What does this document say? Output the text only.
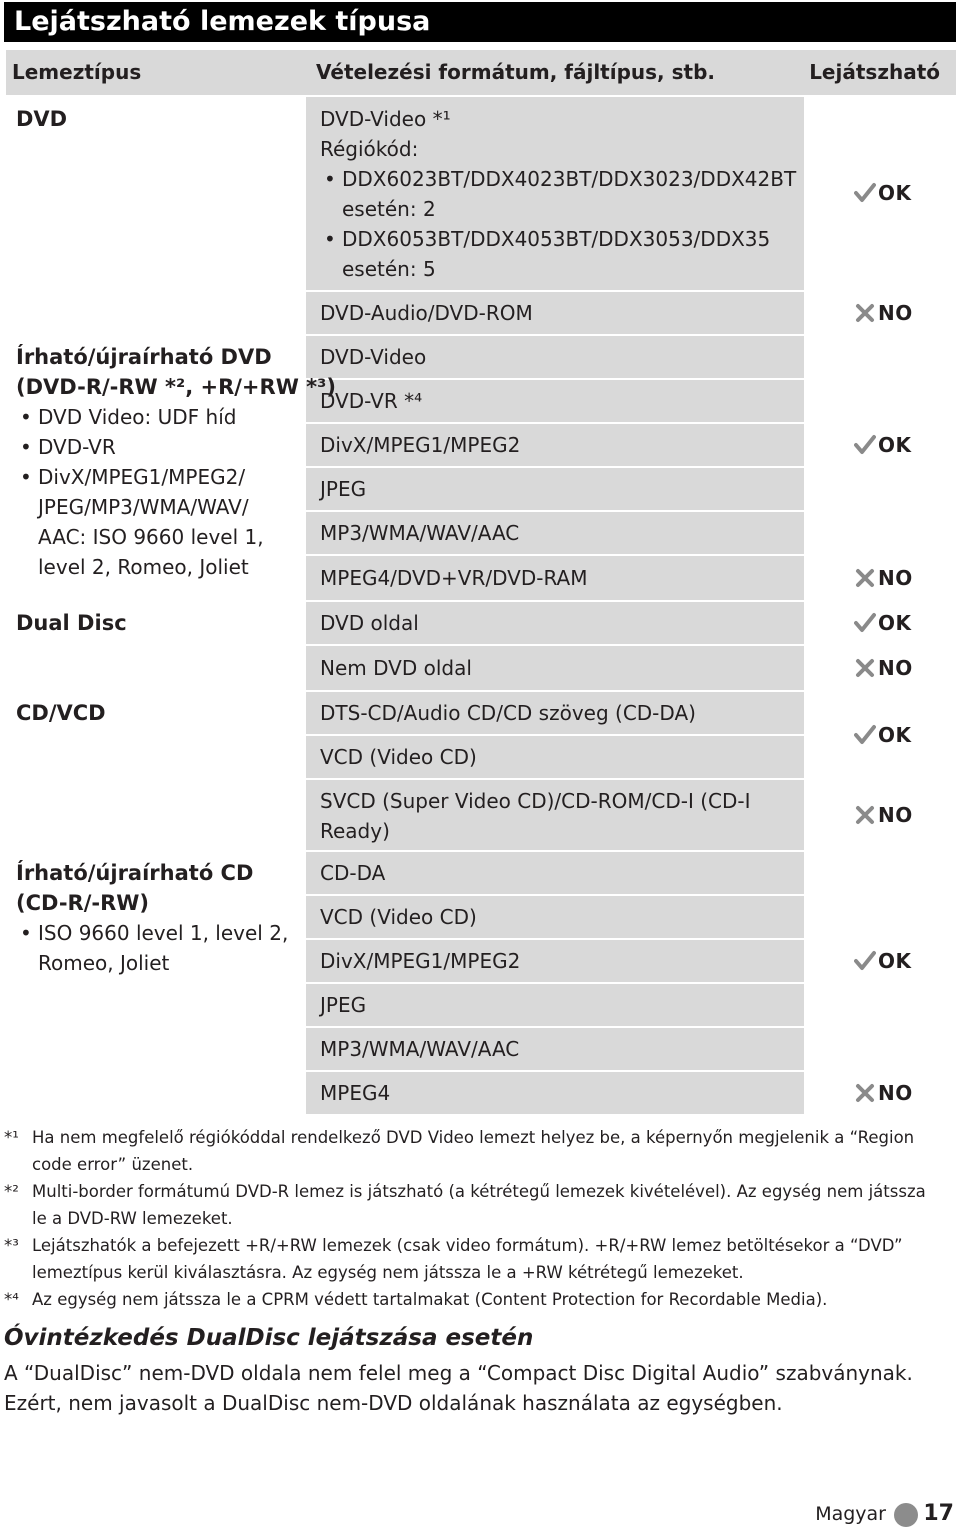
Lejátszható lemezek típusa
Lemeztípus	Vételezési formátum, fájltípus, stb.	Lejátszható
DVD
Írható/újraírható DVD
(DVD-R/-RW *², +R/+RW *³)
• DVD Video: UDF híd
• DVD-VR
• DivX/MPEG1/MPEG2/
JPEG/MP3/WMA/WAV/
AAC: ISO 9660 level 1,
level 2, Romeo, Joliet
Dual Disc
CD/VCD
Írható/újraírható CD
(CD-R/-RW)
• ISO 9660 level 1, level 2,
Romeo, Joliet
DVD-Video *¹
Régiókód:
• DDX6023BT/DDX4023BT/DDX3023/DDX42BT
esetén: 2
• DDX6053BT/DDX4053BT/DDX3053/DDX35
esetén: 5
DVD-Audio/DVD-ROM
DVD-Video
DVD-VR *⁴
DivX/MPEG1/MPEG2
JPEG
MP3/WMA/WAV/AAC
MPEG4/DVD+VR/DVD-RAM
DVD oldal
Nem DVD oldal
DTS-CD/Audio CD/CD szöveg (CD-DA)
VCD (Video CD)
SVCD (Super Video CD)/CD-ROM/CD-I (CD-I
Ready)
CD-DA
VCD (Video CD)
DivX/MPEG1/MPEG2
JPEG
MP3/WMA/WAV/AAC
MPEG4
OK
NO
OK
NO
OK
NO
OK
NO
OK
NO
*¹ Ha nem megfelelő régiókóddal rendelkező DVD Video lemezt helyez be, a képernyőn megjelenik a “Region code error” üzenet.
*² Multi-border formátumú DVD-R lemez is játszható (a kétrétegű lemezek kivételével). Az egység nem játssza le a DVD-RW lemezeket.
*³ Lejátszhatók a befejezett +R/+RW lemezek (csak video formátum). +R/+RW lemez betöltésekor a “DVD” lemeztípus kerül kiválasztásra. Az egység nem játssza le a +RW kétrétegű lemezeket.
*⁴ Az egység nem játssza le a CPRM védett tartalmakat (Content Protection for Recordable Media).
Óvintézkedés DualDisc lejátszása esetén
A “DualDisc” nem-DVD oldala nem felel meg a “Compact Disc Digital Audio” szabványnak. Ezért, nem javasolt a DualDisc nem-DVD oldalának használata az egységben.
Magyar 17
